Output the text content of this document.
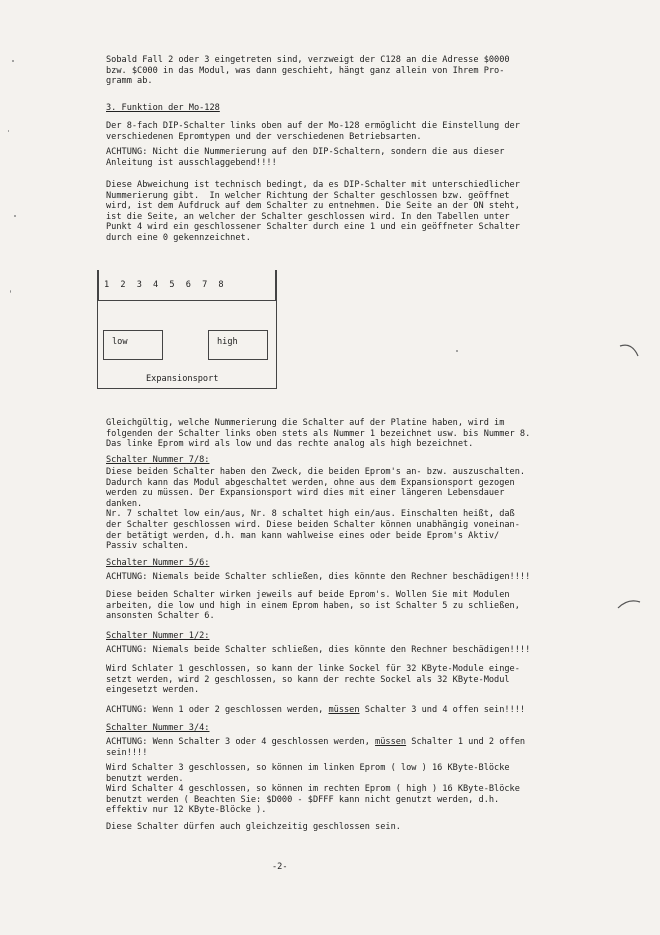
Sobald Fall 2 oder 3 eingetreten sind, verzweigt der C128 an die Adresse $0000
bzw. $C000 in das Modul, was dann geschieht, hängt ganz allein von Ihrem Pro-
gramm ab.
3. Funktion der Mo-128
Der 8-fach DIP-Schalter links oben auf der Mo-128 ermöglicht die Einstellung der
verschiedenen Epromtypen und der verschiedenen Betriebsarten.
ACHTUNG: Nicht die Nummerierung auf den DIP-Schaltern, sondern die aus dieser
Anleitung ist ausschlaggebend!!!!
Diese Abweichung ist technisch bedingt, da es DIP-Schalter mit unterschiedlicher
Nummerierung gibt.  In welcher Richtung der Schalter geschlossen bzw. geöffnet
wird, ist dem Aufdruck auf dem Schalter zu entnehmen. Die Seite an der ON steht,
ist die Seite, an welcher der Schalter geschlossen wird. In den Tabellen unter
Punkt 4 wird ein geschlossener Schalter durch eine 1 und ein geöffneter Schalter
durch eine 0 gekennzeichnet.
1 2 3 4 5 6 7 8
low	high
Expansionsport
Gleichgültig, welche Nummerierung die Schalter auf der Platine haben, wird im
folgenden der Schalter links oben stets als Nummer 1 bezeichnet usw. bis Nummer 8.
Das linke Eprom wird als low und das rechte analog als high bezeichnet.
Schalter Nummer 7/8:
Diese beiden Schalter haben den Zweck, die beiden Eprom's an- bzw. auszuschalten.
Dadurch kann das Modul abgeschaltet werden, ohne aus dem Expansionsport gezogen
werden zu müssen. Der Expansionsport wird dies mit einer längeren Lebensdauer
danken.
Nr. 7 schaltet low ein/aus, Nr. 8 schaltet high ein/aus. Einschalten heißt, daß
der Schalter geschlossen wird. Diese beiden Schalter können unabhängig voneinan-
der betätigt werden, d.h. man kann wahlweise eines oder beide Eprom's Aktiv/
Passiv schalten.
Schalter Nummer 5/6:
ACHTUNG: Niemals beide Schalter schließen, dies könnte den Rechner beschädigen!!!!
Diese beiden Schalter wirken jeweils auf beide Eprom's. Wollen Sie mit Modulen
arbeiten, die low und high in einem Eprom haben, so ist Schalter 5 zu schließen,
ansonsten Schalter 6.
Schalter Nummer 1/2:
ACHTUNG: Niemals beide Schalter schließen, dies könnte den Rechner beschädigen!!!!
Wird Schlater 1 geschlossen, so kann der linke Sockel für 32 KByte-Module einge-
setzt werden, wird 2 geschlossen, so kann der rechte Sockel als 32 KByte-Modul
eingesetzt werden.
ACHTUNG: Wenn 1 oder 2 geschlossen werden, müssen Schalter 3 und 4 offen sein!!!!
Schalter Nummer 3/4:
ACHTUNG: Wenn Schalter 3 oder 4 geschlossen werden, müssen Schalter 1 und 2 offen
sein!!!!
Wird Schalter 3 geschlossen, so können im linken Eprom ( low ) 16 KByte-Blöcke
benutzt werden.
Wird Schalter 4 geschlossen, so können im rechten Eprom ( high ) 16 KByte-Blöcke
benutzt werden ( Beachten Sie: $D000 - $DFFF kann nicht genutzt werden, d.h.
effektiv nur 12 KByte-Blöcke ).
Diese Schalter dürfen auch gleichzeitig geschlossen sein.
-2-
